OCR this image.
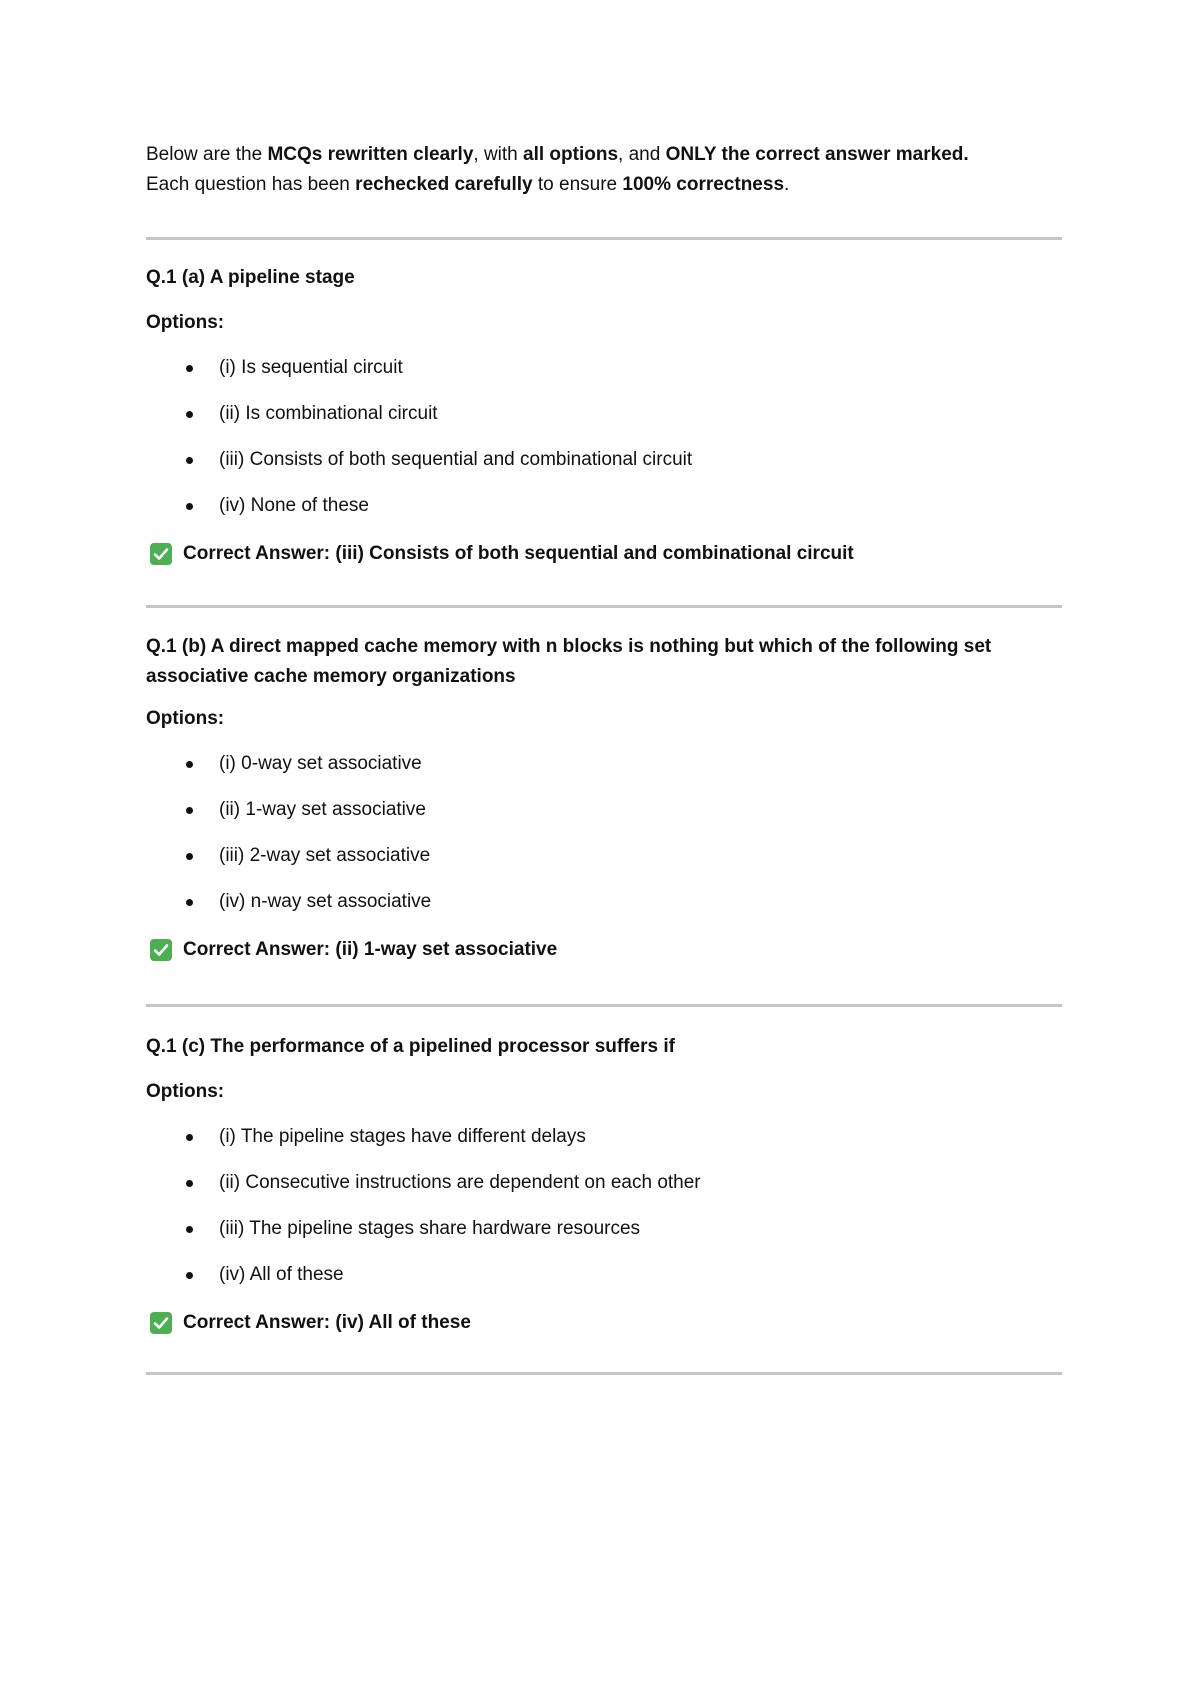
Below are the MCQs rewritten clearly, with all options, and ONLY the correct answer marked.

Each question has been rechecked carefully to ensure 100% correctness.

Q.1 (a) A pipeline stage

Options:

(i) Is sequential circuit
(ii) Is combinational circuit
(iii) Consists of both sequential and combinational circuit
(iv) None of these

Correct Answer: (iii) Consists of both sequential and combinational circuit

Q.1 (b) A direct mapped cache memory with n blocks is nothing but which of the following set associative cache memory organizations

Options:

(i) 0-way set associative
(ii) 1-way set associative
(iii) 2-way set associative
(iv) n-way set associative

Correct Answer: (ii) 1-way set associative

Q.1 (c) The performance of a pipelined processor suffers if

Options:

(i) The pipeline stages have different delays
(ii) Consecutive instructions are dependent on each other
(iii) The pipeline stages share hardware resources
(iv) All of these

Correct Answer: (iv) All of these
